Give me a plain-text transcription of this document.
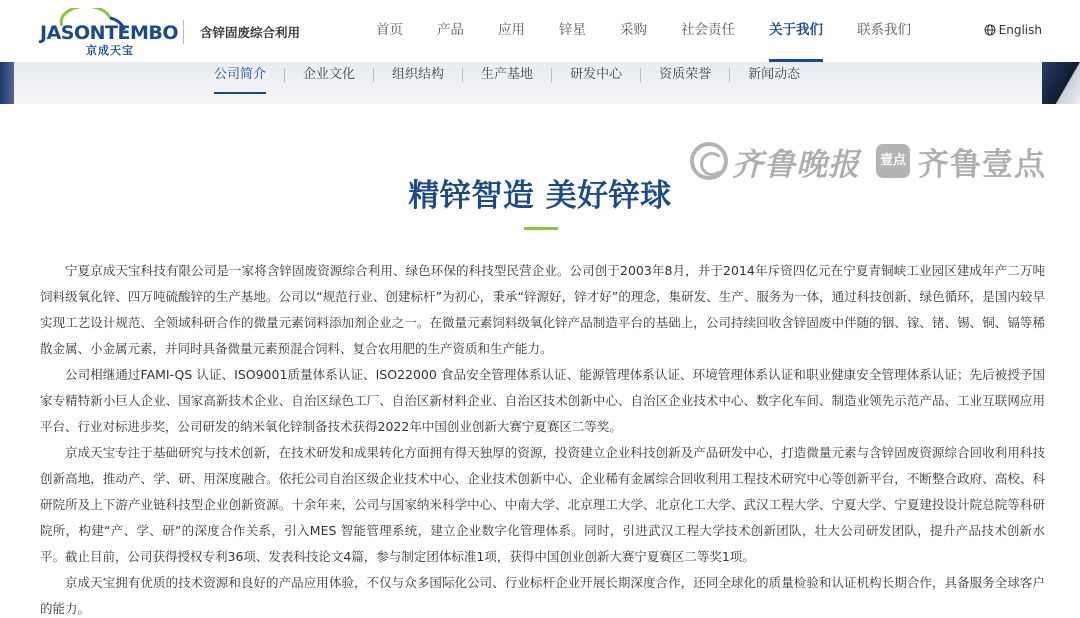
JASONTEMBO
京成天宝
含锌固废综合利用	首页	产品	应用	锌星	采购	社会责任	关于我们	联系我们	English
公司简介	企业文化	组织结构	生产基地	研发中心	资质荣誉	新闻动态
齐鲁晚报	壹点 齐鲁壹点
精锌智造 美好锌球

宁夏京成天宝科技有限公司是一家将含锌固废资源综合利用、绿色环保的科技型民营企业。公司创于2003年8月，并于2014年斥资四亿元在宁夏青铜峡工业园区建成年产二万吨饲料级氧化锌、四万吨硫酸锌的生产基地。公司以“规范行业、创建标杆”为初心，秉承“锌源好，锌才好”的理念，集研发、生产、服务为一体，通过科技创新、绿色循环，是国内较早实现工艺设计规范、全领域科研合作的微量元素饲料添加剂企业之一。在微量元素饲料级氧化锌产品制造平台的基础上，公司持续回收含锌固废中伴随的铟、镓、锗、锡、铜、镉等稀散金属、小金属元素，并同时具备微量元素预混合饲料、复合农用肥的生产资质和生产能力。

公司相继通过FAMI-QS 认证、ISO9001质量体系认证、ISO22000 食品安全管理体系认证、能源管理体系认证、环境管理体系认证和职业健康安全管理体系认证；先后被授予国家专精特新小巨人企业、国家高新技术企业、自治区绿色工厂、自治区新材料企业、自治区技术创新中心、自治区企业技术中心、数字化车间、制造业领先示范产品、工业互联网应用平台、行业对标进步奖，公司研发的纳米氧化锌制备技术获得2022年中国创业创新大赛宁夏赛区二等奖。

京成天宝专注于基础研究与技术创新，在技术研发和成果转化方面拥有得天独厚的资源，投资建立企业科技创新及产品研发中心，打造微量元素与含锌固废资源综合回收利用科技创新高地，推动产、学、研、用深度融合。依托公司自治区级企业技术中心、企业技术创新中心、企业稀有金属综合回收利用工程技术研究中心等创新平台，不断整合政府、高校、科研院所及上下游产业链科技型企业创新资源。十余年来，公司与国家纳米科学中心、中南大学、北京理工大学、北京化工大学、武汉工程大学、宁夏大学、宁夏建投设计院总院等科研院所，构建“产、学、研”的深度合作关系，引入MES 智能管理系统，建立企业数字化管理体系。同时，引进武汉工程大学技术创新团队，壮大公司研发团队，提升产品技术创新水平。截止目前，公司获得授权专利36项、发表科技论文4篇，参与制定团体标准1项，获得中国创业创新大赛宁夏赛区二等奖1项。

京成天宝拥有优质的技术资源和良好的产品应用体验，不仅与众多国际化公司、行业标杆企业开展长期深度合作，还同全球化的质量检验和认证机构长期合作，具备服务全球客户的能力。
